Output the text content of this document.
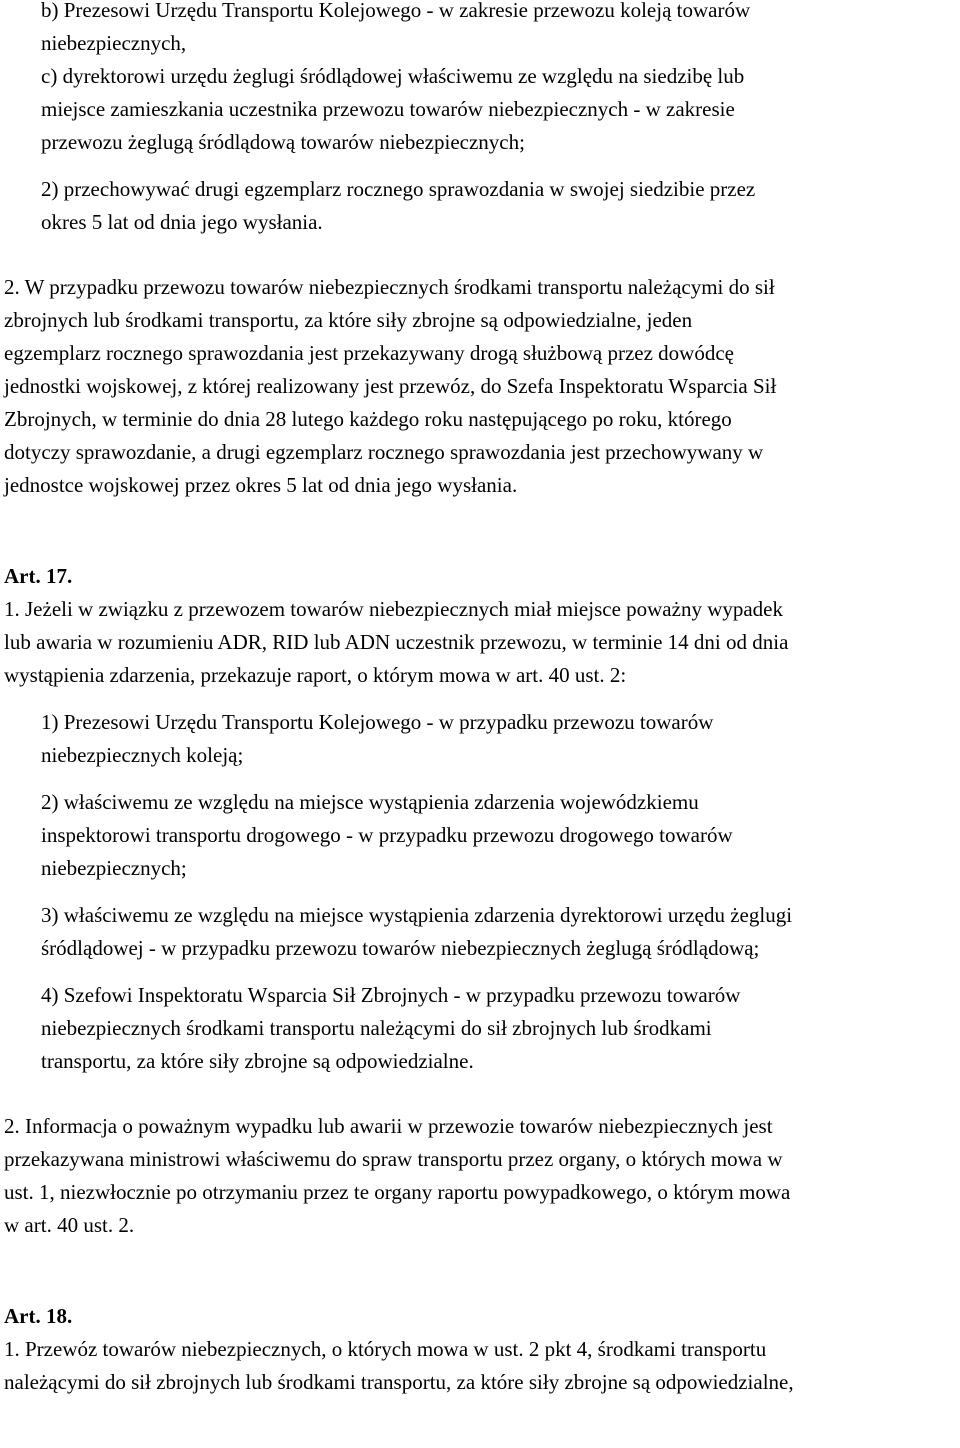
b) Prezesowi Urzędu Transportu Kolejowego - w zakresie przewozu koleją towarów
niebezpiecznych,
c) dyrektorowi urzędu żeglugi śródlądowej właściwemu ze względu na siedzibę lub
miejsce zamieszkania uczestnika przewozu towarów niebezpiecznych - w zakresie
przewozu żeglugą śródlądową towarów niebezpiecznych;
2) przechowywać drugi egzemplarz rocznego sprawozdania w swojej siedzibie przez
okres 5 lat od dnia jego wysłania.
2. W przypadku przewozu towarów niebezpiecznych środkami transportu należącymi do sił
zbrojnych lub środkami transportu, za które siły zbrojne są odpowiedzialne, jeden
egzemplarz rocznego sprawozdania jest przekazywany drogą służbową przez dowódcę
jednostki wojskowej, z której realizowany jest przewóz, do Szefa Inspektoratu Wsparcia Sił
Zbrojnych, w terminie do dnia 28 lutego każdego roku następującego po roku, którego
dotyczy sprawozdanie, a drugi egzemplarz rocznego sprawozdania jest przechowywany w
jednostce wojskowej przez okres 5 lat od dnia jego wysłania.
Art. 17.
1. Jeżeli w związku z przewozem towarów niebezpiecznych miał miejsce poważny wypadek
lub awaria w rozumieniu ADR, RID lub ADN uczestnik przewozu, w terminie 14 dni od dnia
wystąpienia zdarzenia, przekazuje raport, o którym mowa w art. 40 ust. 2:
1) Prezesowi Urzędu Transportu Kolejowego - w przypadku przewozu towarów
niebezpiecznych koleją;
2) właściwemu ze względu na miejsce wystąpienia zdarzenia wojewódzkiemu
inspektorowi transportu drogowego - w przypadku przewozu drogowego towarów
niebezpiecznych;
3) właściwemu ze względu na miejsce wystąpienia zdarzenia dyrektorowi urzędu żeglugi
śródlądowej - w przypadku przewozu towarów niebezpiecznych żeglugą śródlądową;
4) Szefowi Inspektoratu Wsparcia Sił Zbrojnych - w przypadku przewozu towarów
niebezpiecznych środkami transportu należącymi do sił zbrojnych lub środkami
transportu, za które siły zbrojne są odpowiedzialne.
2. Informacja o poważnym wypadku lub awarii w przewozie towarów niebezpiecznych jest
przekazywana ministrowi właściwemu do spraw transportu przez organy, o których mowa w
ust. 1, niezwłocznie po otrzymaniu przez te organy raportu powypadkowego, o którym mowa
w art. 40 ust. 2.
Art. 18.
1. Przewóz towarów niebezpiecznych, o których mowa w ust. 2 pkt 4, środkami transportu
należącymi do sił zbrojnych lub środkami transportu, za które siły zbrojne są odpowiedzialne,
